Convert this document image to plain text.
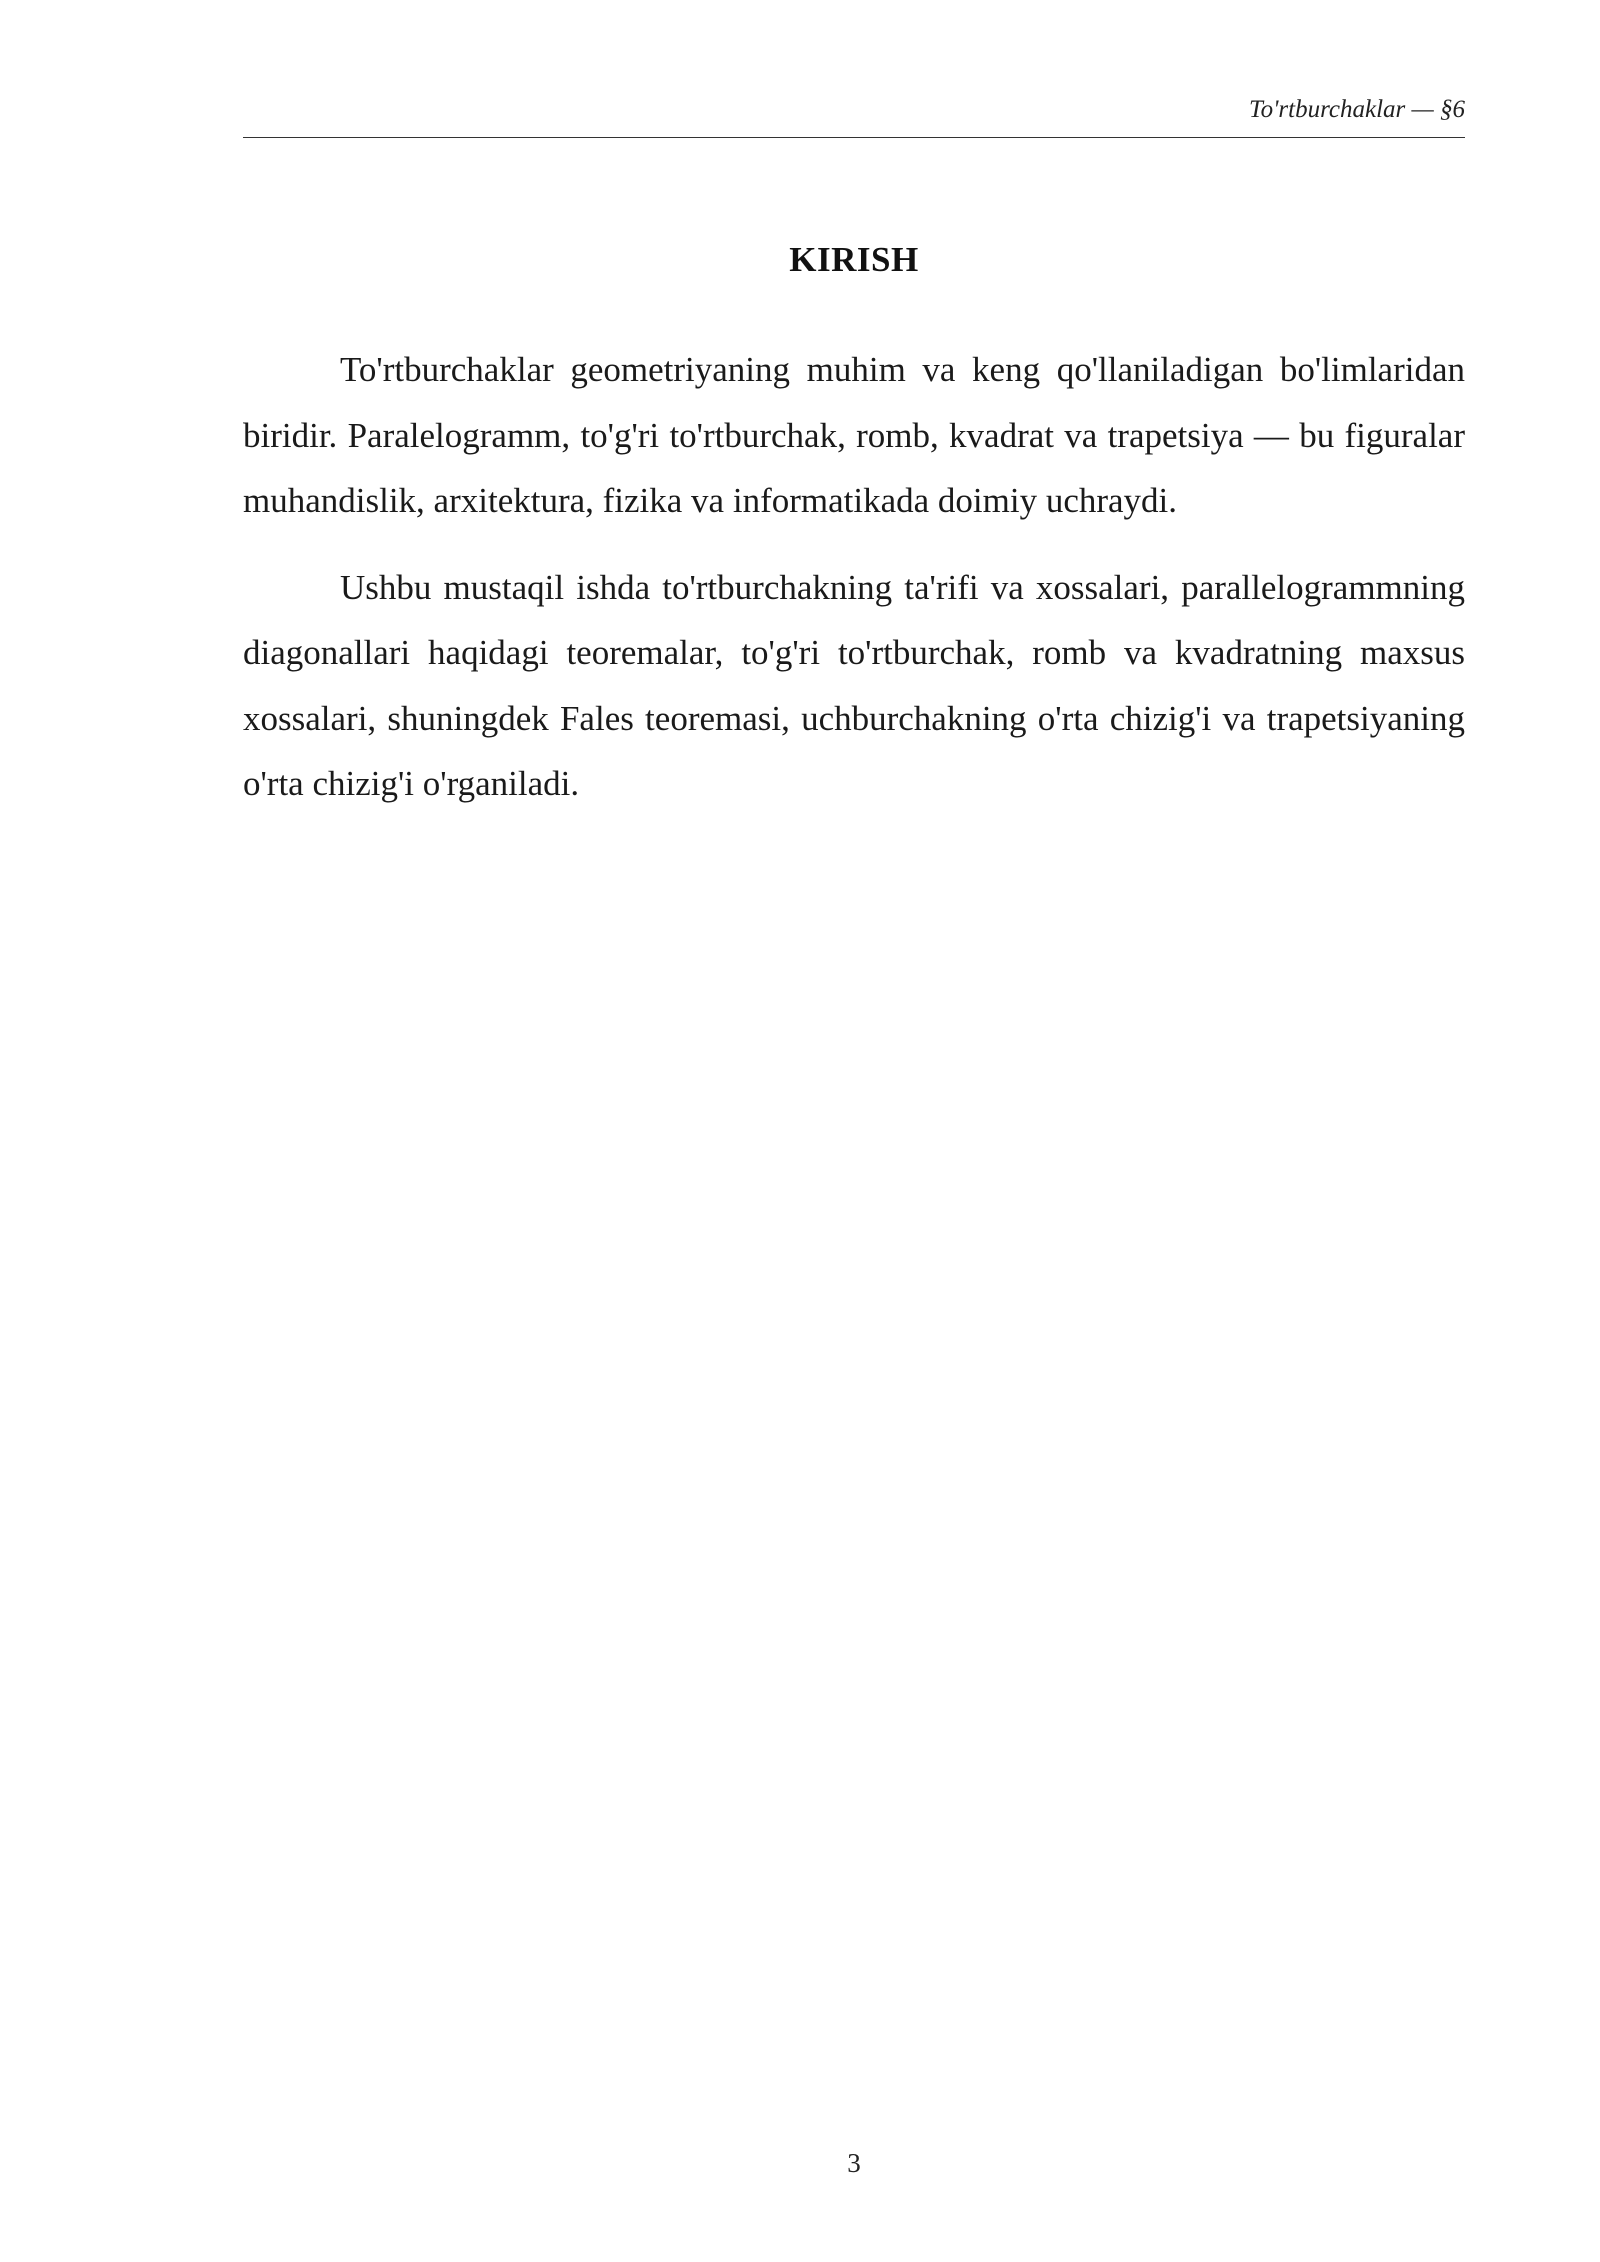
To'rtburchaklar — §6
KIRISH

To'rtburchaklar geometriyaning muhim va keng qo'llaniladigan bo'limlaridan biridir. Paralelogramm, to'g'ri to'rtburchak, romb, kvadrat va trapetsiya — bu figuralar muhandislik, arxitektura, fizika va informatikada doimiy uchraydi.

Ushbu mustaqil ishda to'rtburchakning ta'rifi va xossalari, parallelogrammning diagonallari haqidagi teoremalar, to'g'ri to'rtburchak, romb va kvadratning maxsus xossalari, shuningdek Fales teoremasi, uchburchakning o'rta chizig'i va trapetsiyaning o'rta chizig'i o'rganiladi.

3
